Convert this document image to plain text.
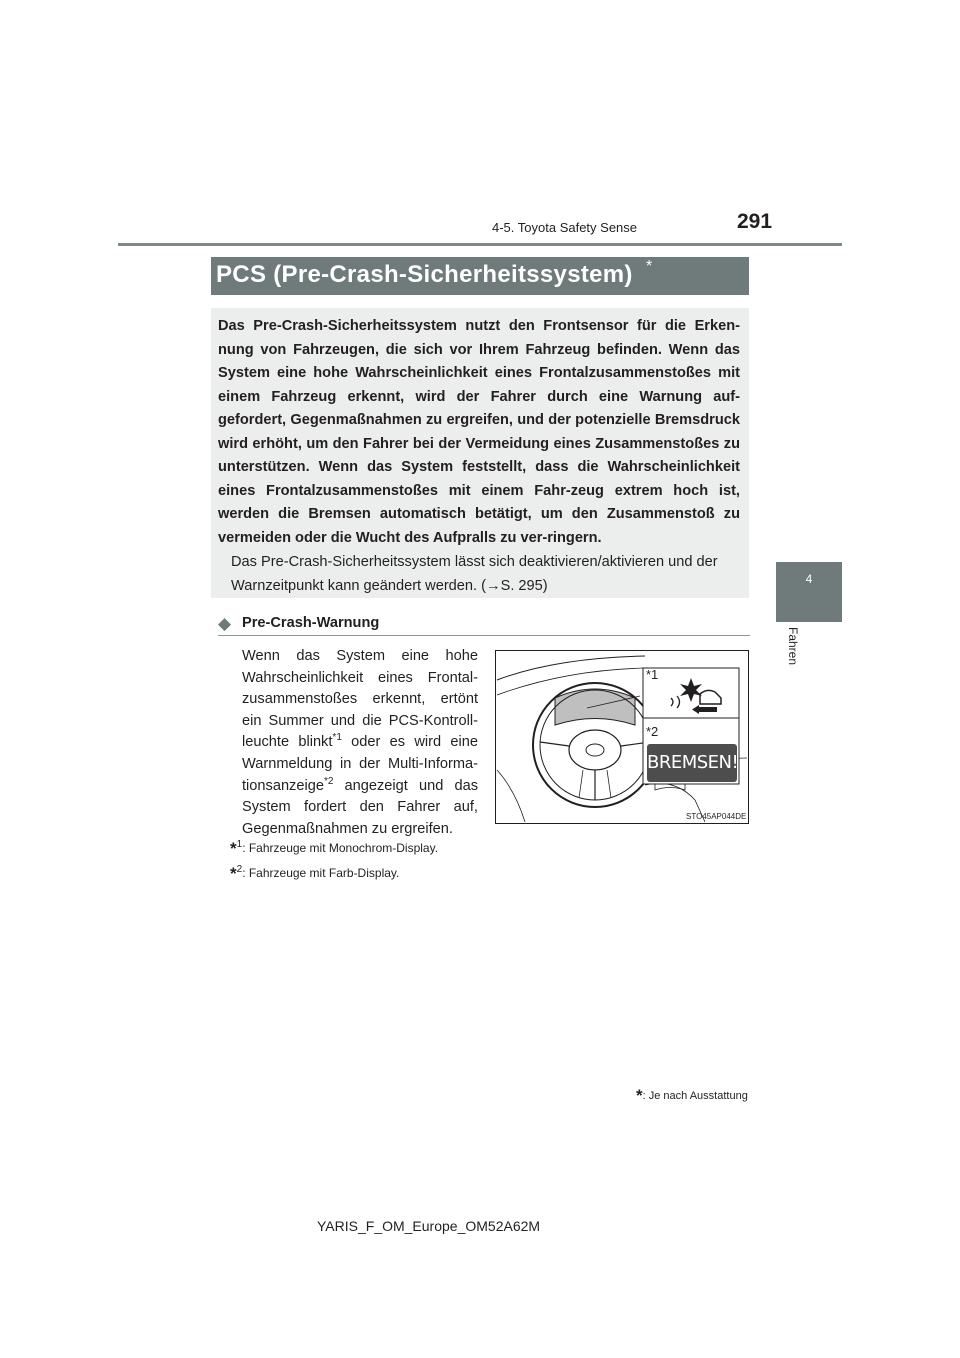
4-5. Toyota Safety Sense	291
4
Fahren
PCS (Pre-Crash-Sicherheitssystem) *
Das Pre-Crash-Sicherheitssystem nutzt den Frontsensor für die Erken-nung von Fahrzeugen, die sich vor Ihrem Fahrzeug befinden. Wenn das System eine hohe Wahrscheinlichkeit eines Frontalzusammenstoßes mit einem Fahrzeug erkennt, wird der Fahrer durch eine Warnung auf-gefordert, Gegenmaßnahmen zu ergreifen, und der potenzielle Bremsdruck wird erhöht, um den Fahrer bei der Vermeidung eines Zusammenstoßes zu unterstützen. Wenn das System feststellt, dass die Wahrscheinlichkeit eines Frontalzusammenstoßes mit einem Fahr-zeug extrem hoch ist, werden die Bremsen automatisch betätigt, um den Zusammenstoß zu vermeiden oder die Wucht des Aufpralls zu ver-ringern.
Das Pre-Crash-Sicherheitssystem lässt sich deaktivieren/aktivieren und der Warnzeitpunkt kann geändert werden. (→S. 295)
◆ Pre-Crash-Warnung
Wenn das System eine hohe Wahrscheinlichkeit eines Frontal-zusammenstoßes erkennt, ertönt ein Summer und die PCS-Kontroll-leuchte blinkt$^{*1}$ oder es wird eine Warnmeldung in der Multi-Informa-tionsanzeige$^{*2}$ angezeigt und das System fordert den Fahrer auf, Gegenmaßnahmen zu ergreifen.
*$^1$: Fahrzeuge mit Monochrom-Display.
*$^2$: Fahrzeuge mit Farb-Display.
*: Je nach Ausstattung
*1
*2
BREMSEN!
STO45AP044DE
YARIS_F_OM_Europe_OM52A62M
